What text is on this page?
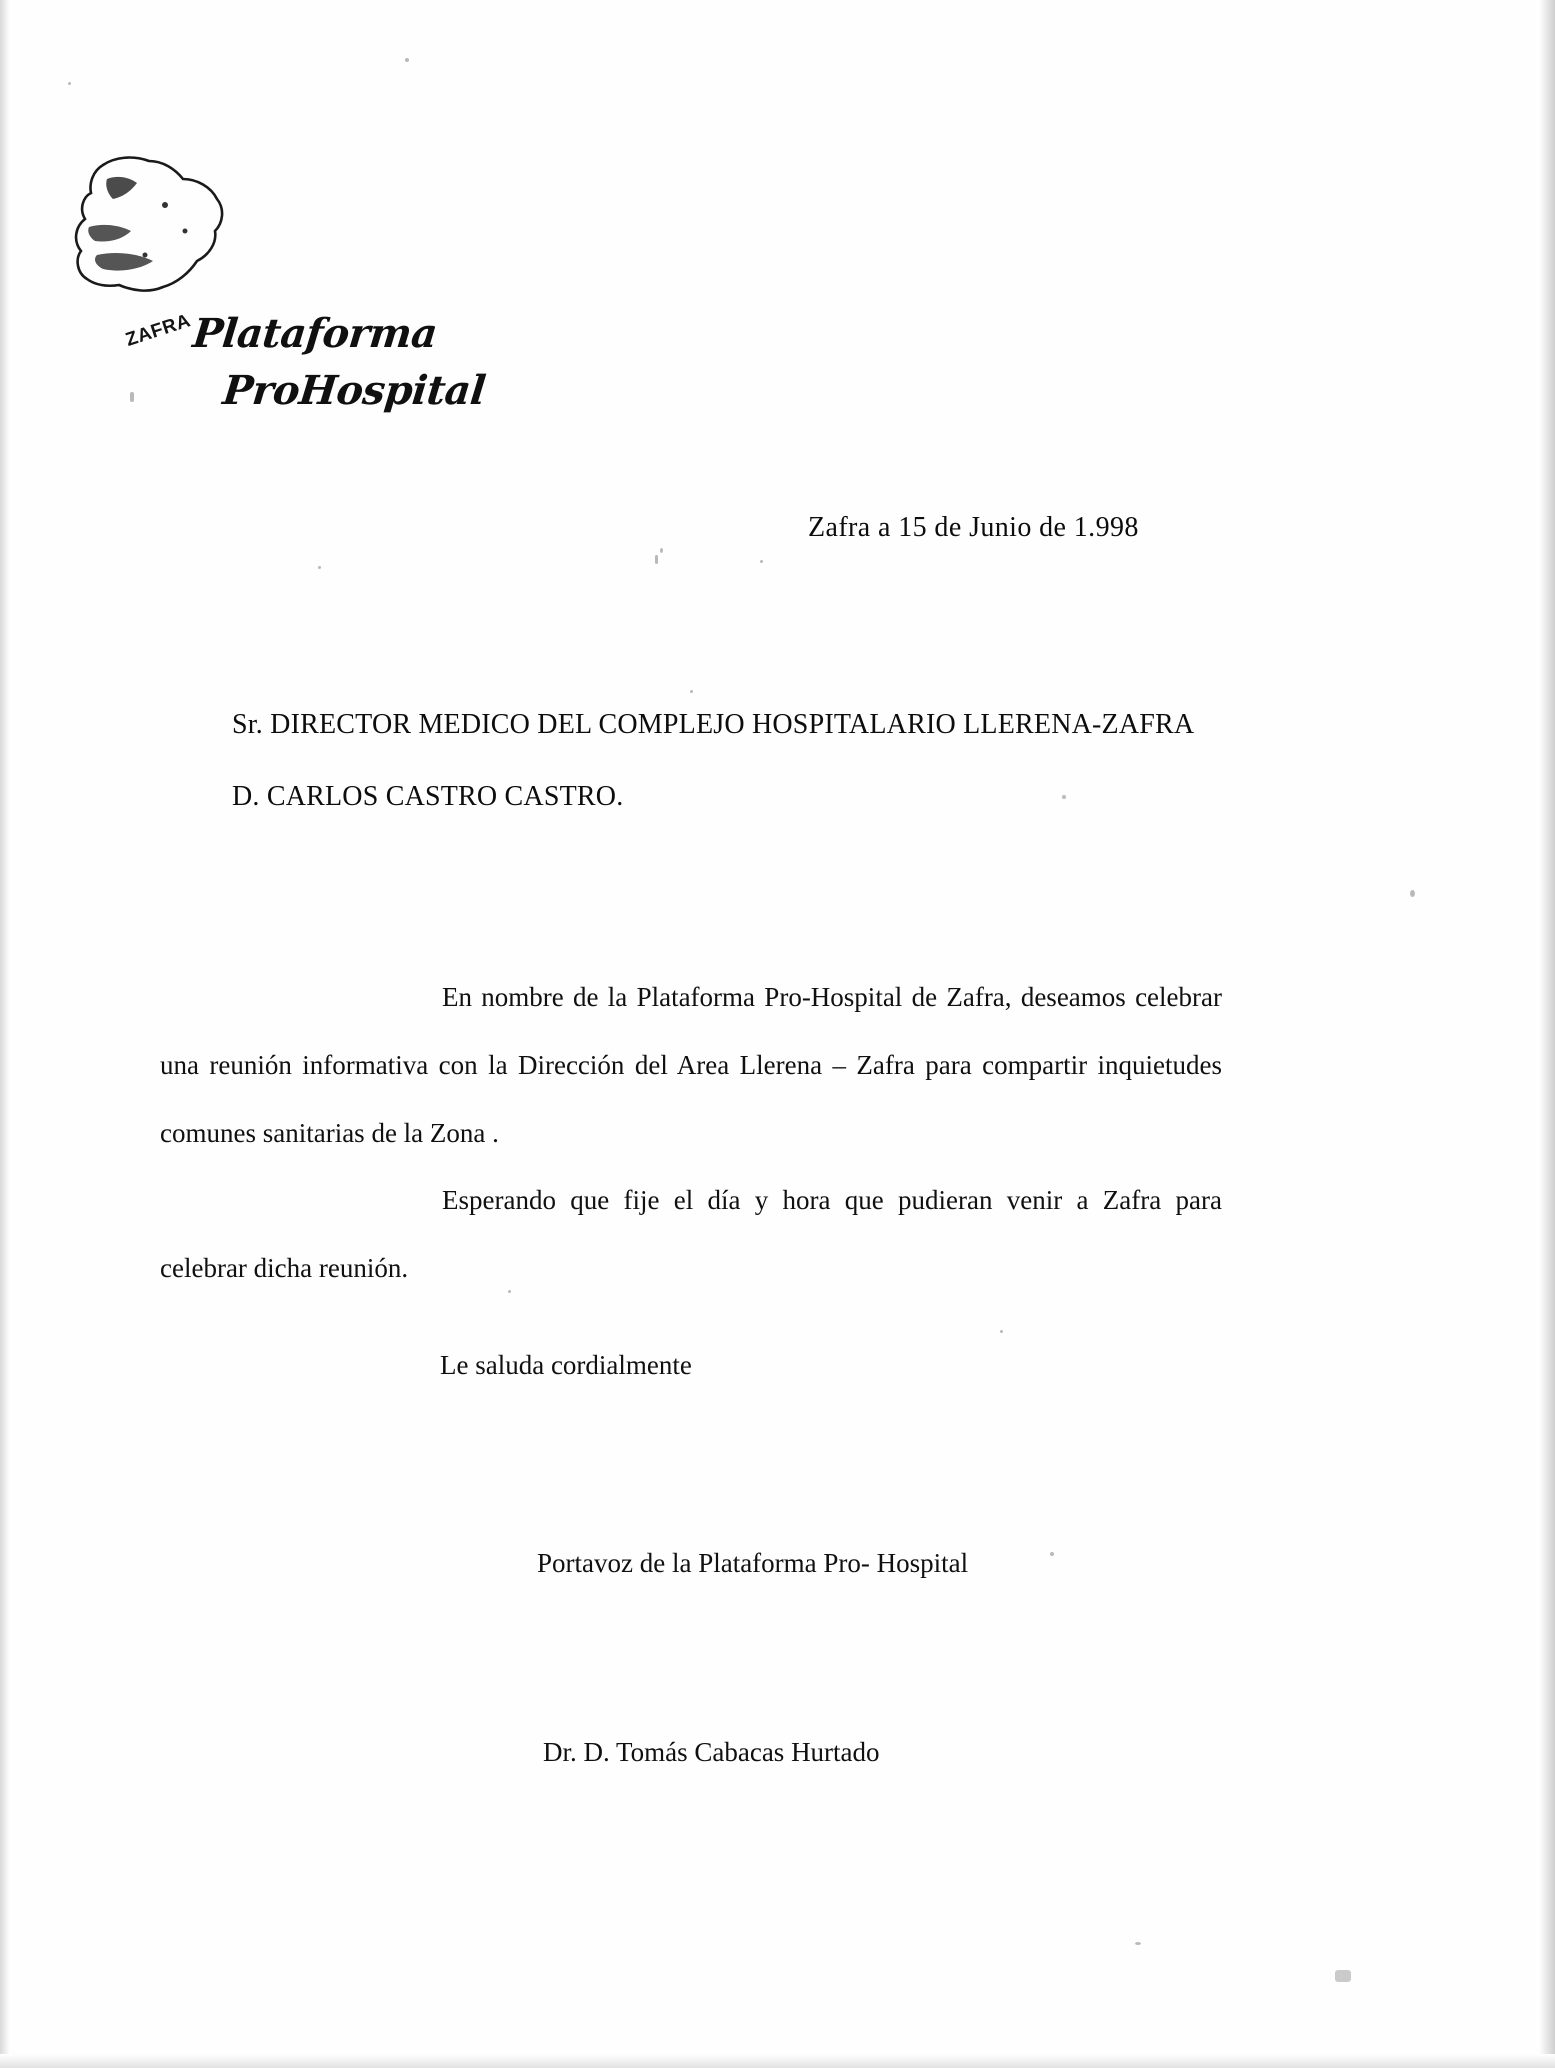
ZAFRA
Plataforma
ProHospital
Zafra a 15 de Junio de 1.998
Sr. DIRECTOR MEDICO DEL COMPLEJO HOSPITALARIO LLERENA-ZAFRA
D. CARLOS CASTRO CASTRO.
En nombre de la Plataforma Pro-Hospital de Zafra, deseamos celebrar una reunión informativa con la Dirección del Area Llerena – Zafra para compartir inquietudes comunes sanitarias de la Zona .
Esperando que fije el día y hora que pudieran venir a Zafra para celebrar dicha reunión.
Le saluda cordialmente
Portavoz de la Plataforma Pro- Hospital
Dr. D. Tomás Cabacas Hurtado
